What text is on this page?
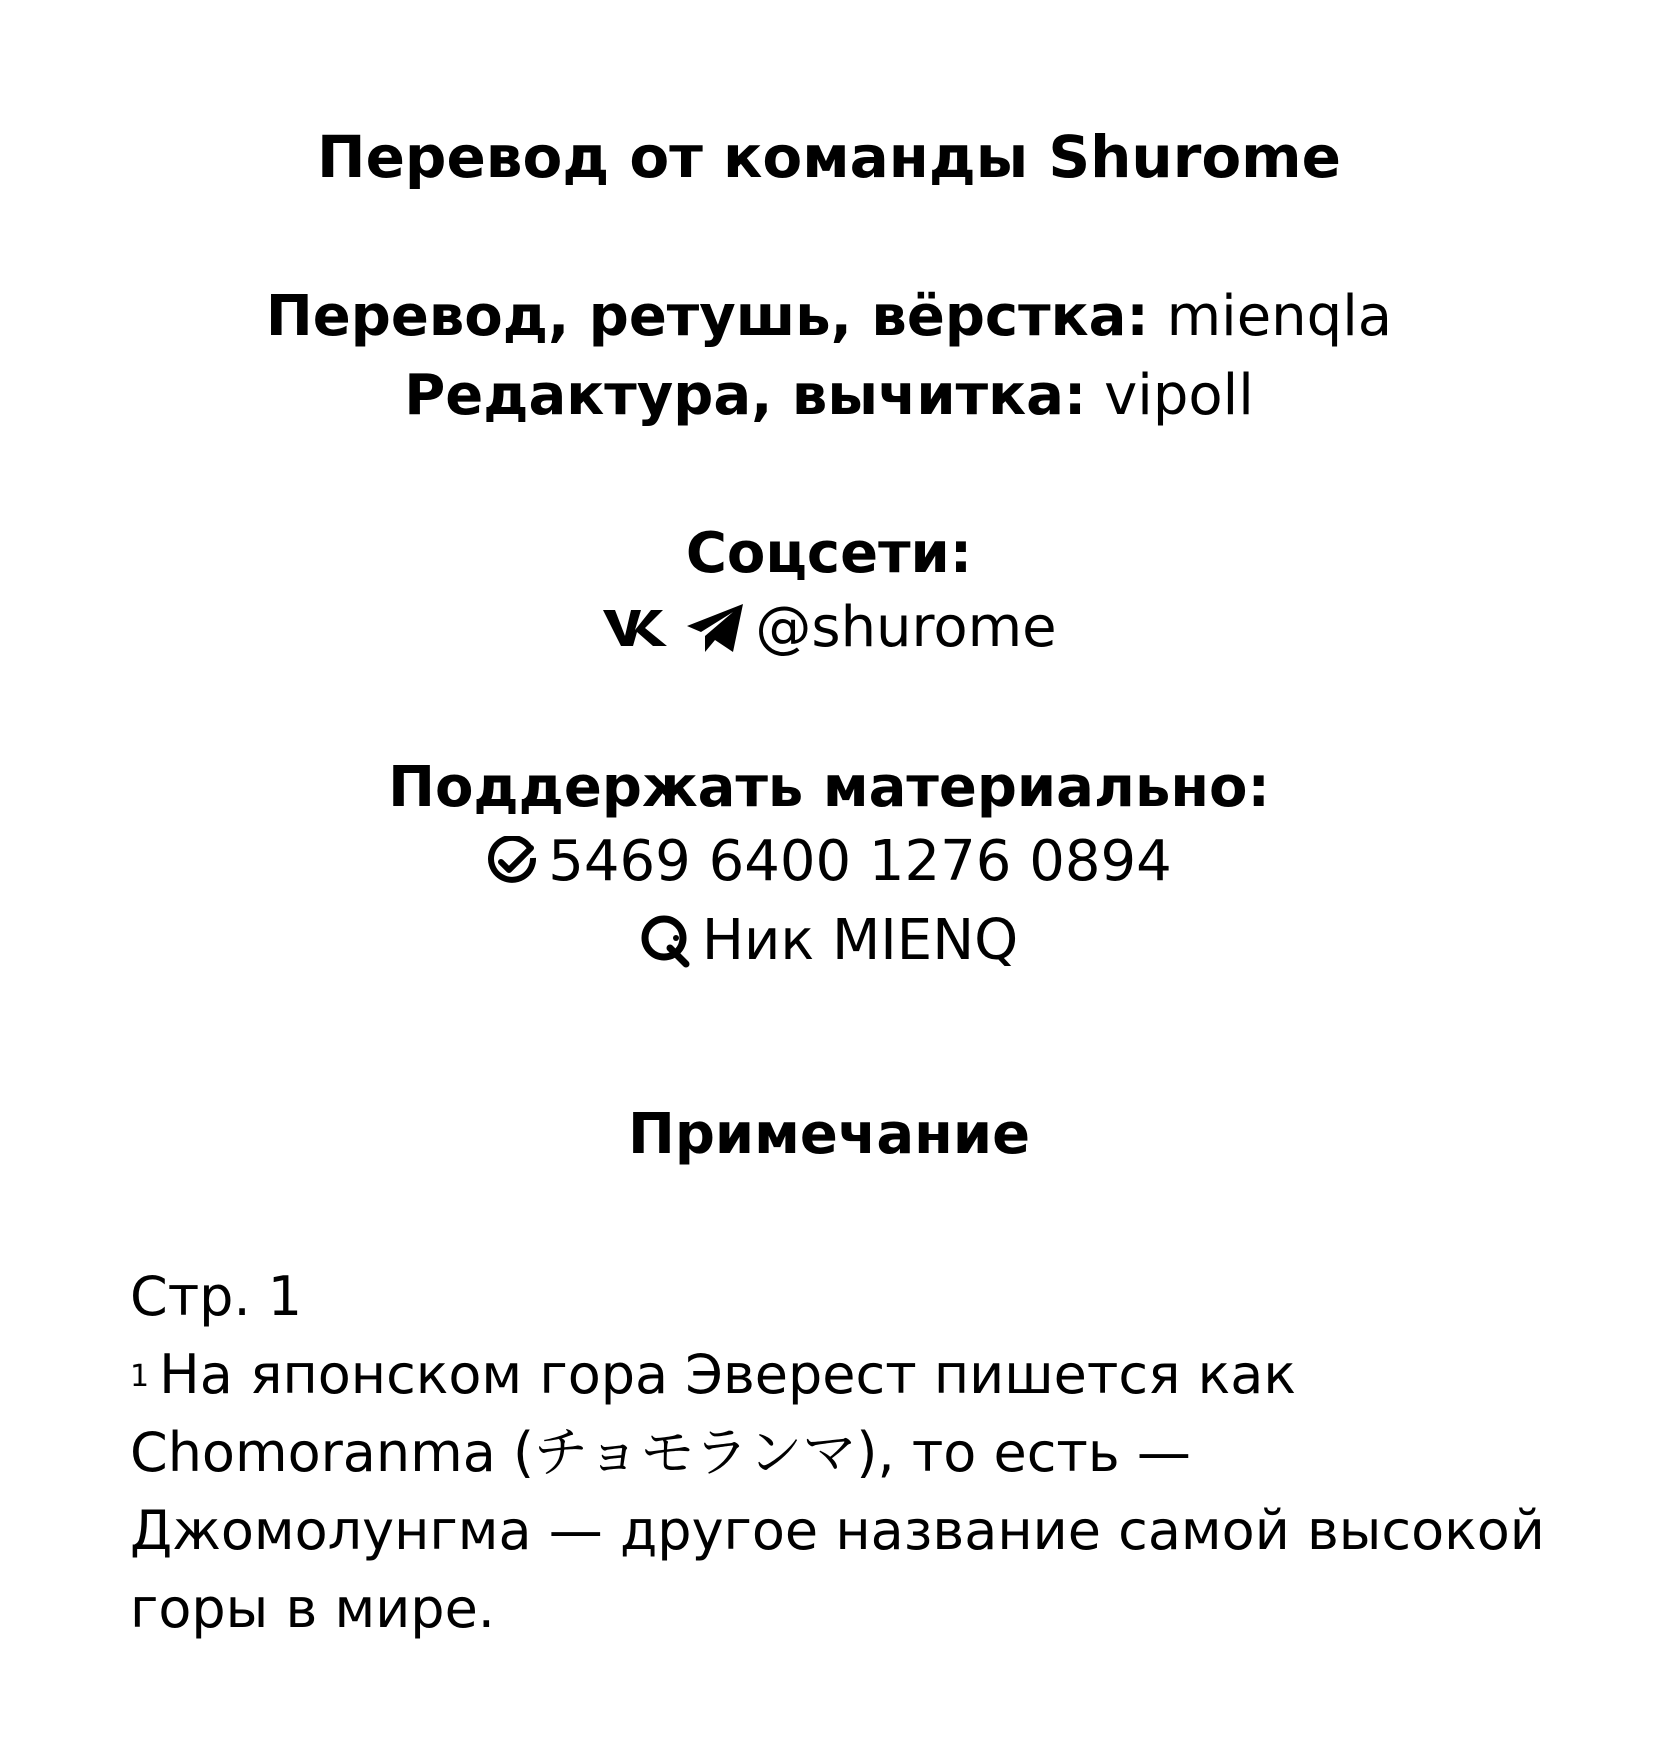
Перевод от команды Shurome
Перевод, ретушь, вёрстка: mienqla
Редактура, вычитка: vipoll
Соцсети:
@shurome
Поддержать материально:
5469 6400 1276 0894
Ник MIENQ
Примечание

Стр. 1

$^1$ На японском гора Эверест пишется как Chomoranma (チョモランマ), то есть — Джомолунгма — другое название самой высокой горы в мире.
